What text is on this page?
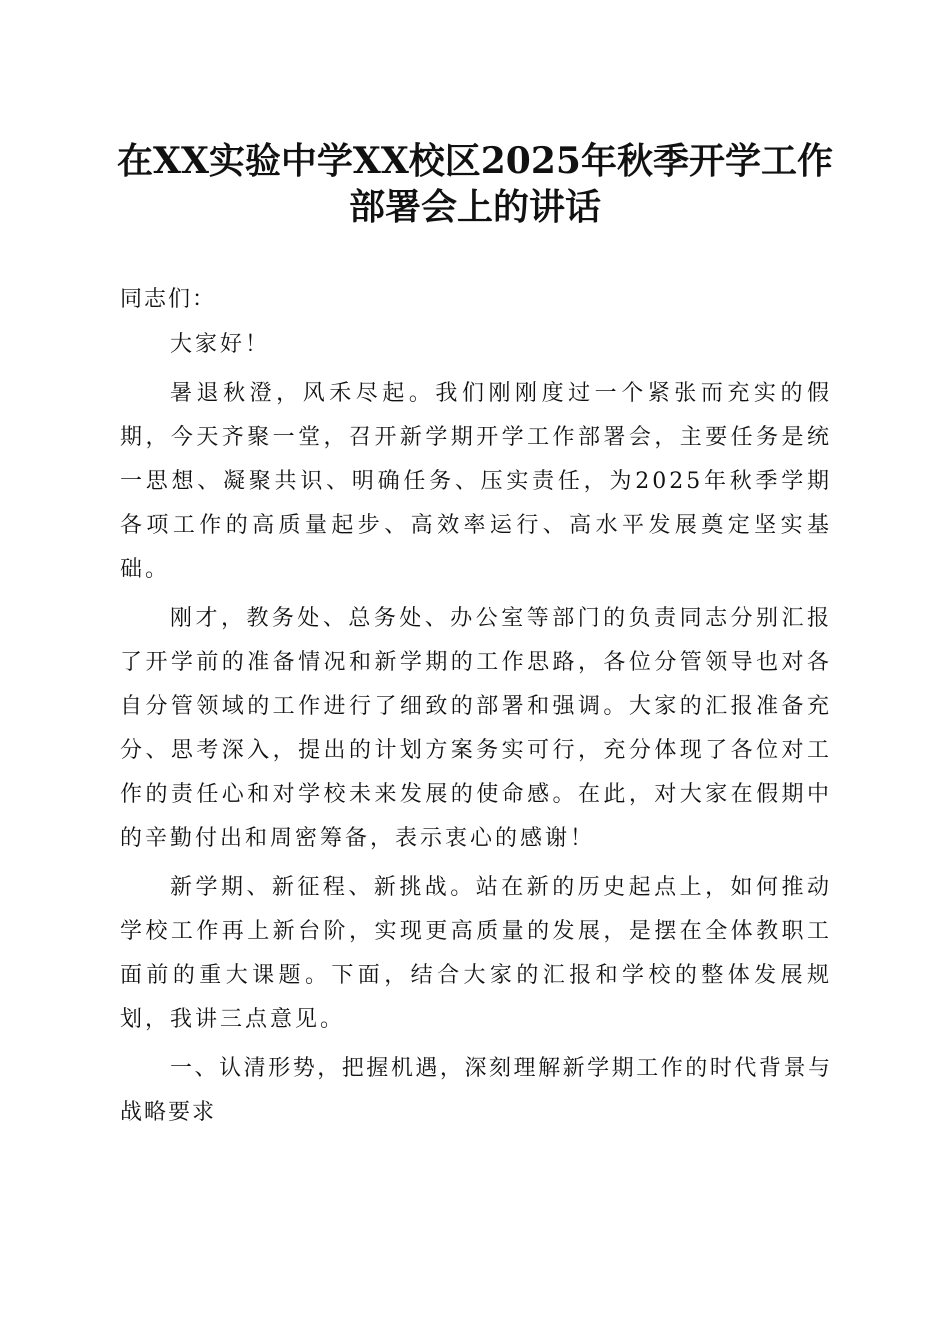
在XX实验中学XX校区2025年秋季开学工作
部署会上的讲话

同志们：

大家好！

暑退秋澄，风禾尽起。我们刚刚度过一个紧张而充实的假期，今天齐聚一堂，召开新学期开学工作部署会，主要任务是统一思想、凝聚共识、明确任务、压实责任，为2025年秋季学期各项工作的高质量起步、高效率运行、高水平发展奠定坚实基础。

刚才，教务处、总务处、办公室等部门的负责同志分别汇报了开学前的准备情况和新学期的工作思路，各位分管领导也对各自分管领域的工作进行了细致的部署和强调。大家的汇报准备充分、思考深入，提出的计划方案务实可行，充分体现了各位对工作的责任心和对学校未来发展的使命感。在此，对大家在假期中的辛勤付出和周密筹备，表示衷心的感谢！

新学期、新征程、新挑战。站在新的历史起点上，如何推动学校工作再上新台阶，实现更高质量的发展，是摆在全体教职工面前的重大课题。下面，结合大家的汇报和学校的整体发展规划，我讲三点意见。

一、认清形势，把握机遇，深刻理解新学期工作的时代背景与战略要求
